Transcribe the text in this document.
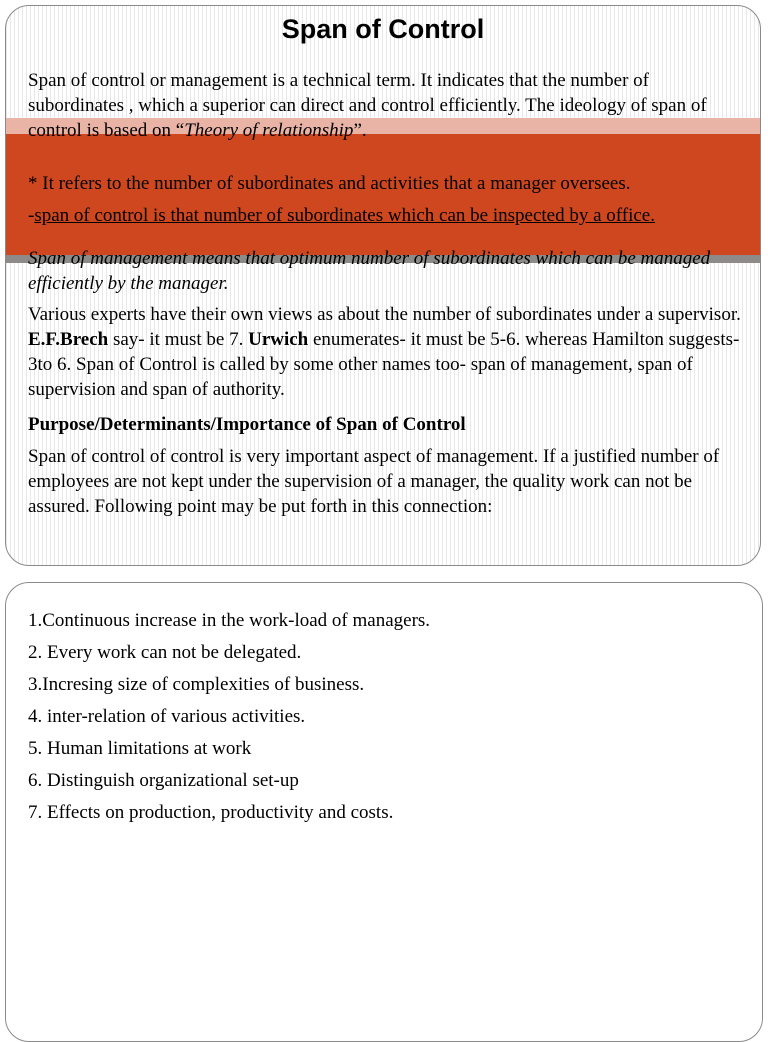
Span of Control

Span of control or management is a technical term. It indicates that the number of subordinates , which a superior can direct and control efficiently. The ideology of span of control is based on “Theory of relationship”.

* It refers to the number of subordinates and activities that a manager oversees.

-span of control is that number of subordinates which can be inspected by a office.

Span of management means that optimum number of subordinates which can be managed efficiently by the manager.

Various experts have their own views as about the number of subordinates under a supervisor. E.F.Brech say- it must be 7. Urwich enumerates- it must be 5-6. whereas Hamilton suggests-3to 6. Span of Control is called by some other names too- span of management, span of supervision and span of authority.

Purpose/Determinants/Importance of Span of Control

Span of control of control is very important aspect of management. If a justified number of employees are not kept under the supervision of a manager, the quality work can not be assured. Following point may be put forth in this connection:

1.Continuous increase in the work-load of managers.
2. Every work can not be delegated.
3.Incresing size of complexities of business.
4. inter-relation of various activities.
5. Human limitations at work
6. Distinguish organizational set-up
7. Effects on production, productivity and costs.
